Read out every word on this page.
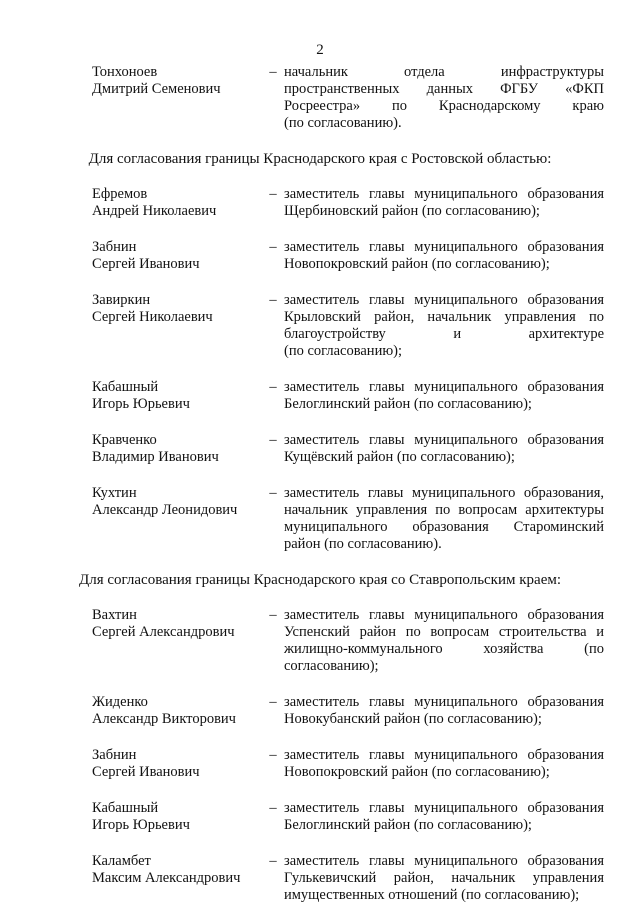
2
Тонхоноев
Дмитрий Семенович
– начальник отдела инфраструктуры
пространственных данных ФГБУ «ФКП
Росреестра» по Краснодарскому краю
(по согласованию).
Для согласования границы Краснодарского края с Ростовской областью:
Ефремов
Андрей Николаевич
– заместитель главы муниципального образования
Щербиновский район (по согласованию);
Забнин
Сергей Иванович
– заместитель главы муниципального образования
Новопокровский район (по согласованию);
Завиркин
Сергей Николаевич
– заместитель главы муниципального образования
Крыловский район, начальник управления по
благоустройству и архитектуре
(по согласованию);
Кабашный
Игорь Юрьевич
– заместитель главы муниципального образования
Белоглинский район (по согласованию);
Кравченко
Владимир Иванович
– заместитель главы муниципального образования
Кущёвский район (по согласованию);
Кухтин
Александр Леонидович
– заместитель главы муниципального образования,
начальник управления по вопросам архитектуры
муниципального образования Староминский
район (по согласованию).
Для согласования границы Краснодарского края со Ставропольским краем:
Вахтин
Сергей Александрович
– заместитель главы муниципального образования
Успенский район по вопросам строительства и
жилищно-коммунального хозяйства (по
согласованию);
Жиденко
Александр Викторович
– заместитель главы муниципального образования
Новокубанский район (по согласованию);
Забнин
Сергей Иванович
– заместитель главы муниципального образования
Новопокровский район (по согласованию);
Кабашный
Игорь Юрьевич
– заместитель главы муниципального образования
Белоглинский район (по согласованию);
Каламбет
Максим Александрович
– заместитель главы муниципального образования
Гулькевичский район, начальник управления
имущественных отношений (по согласованию);
